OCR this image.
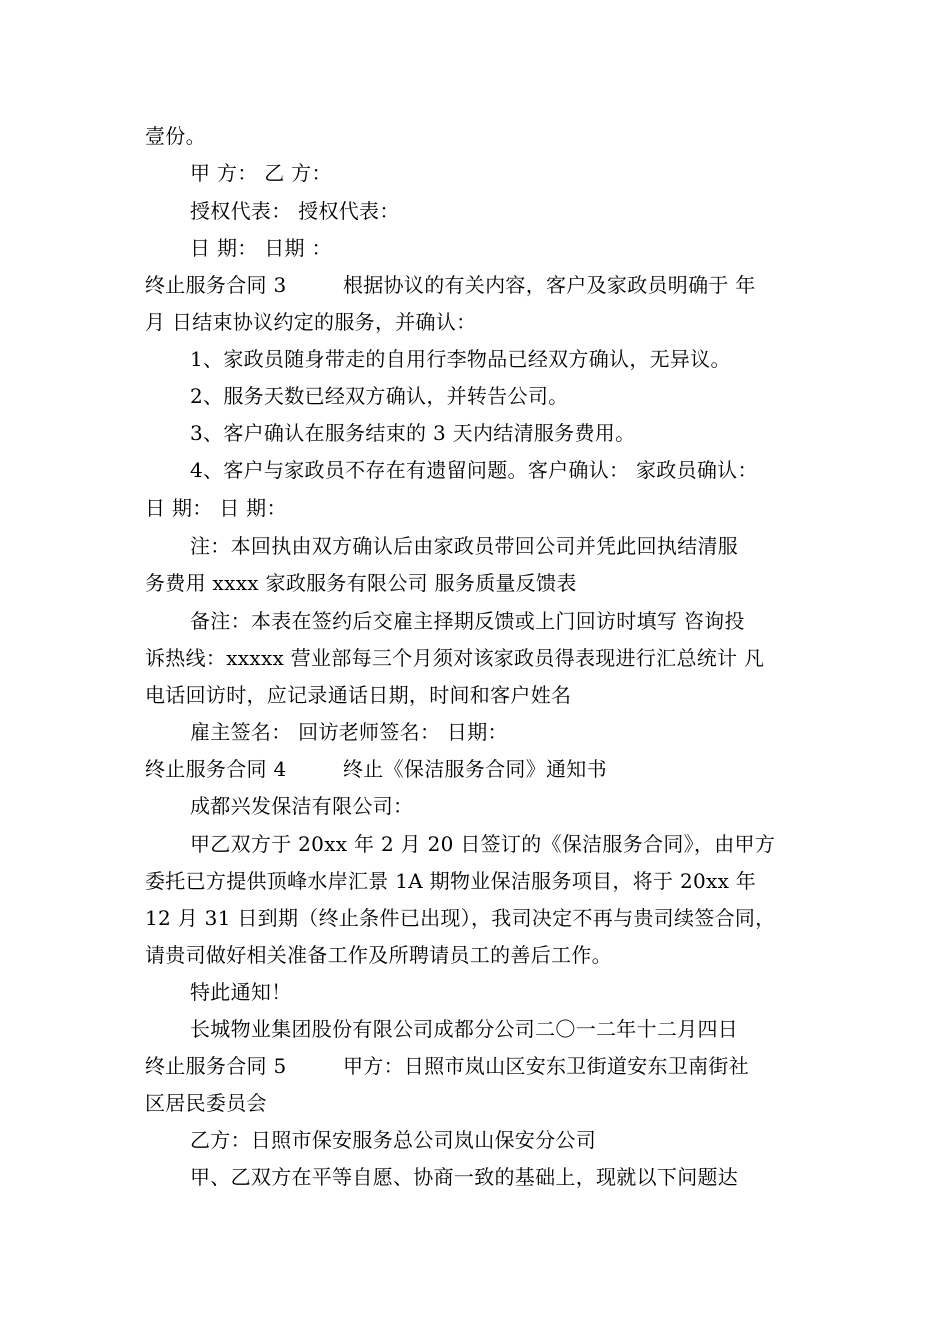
壹份。
甲 方： 乙 方：
授权代表： 授权代表：
日 期： 日期 ：
终止服务合同 3	根据协议的有关内容，客户及家政员明确于 年
月 日结束协议约定的服务，并确认：
1、家政员随身带走的自用行李物品已经双方确认，无异议。
2、服务天数已经双方确认，并转告公司。
3、客户确认在服务结束的 3 天内结清服务费用。
4、客户与家政员不存在有遗留问题。客户确认： 家政员确认：
日 期： 日 期：
注：本回执由双方确认后由家政员带回公司并凭此回执结清服
务费用 xxxx 家政服务有限公司 服务质量反馈表
备注：本表在签约后交雇主择期反馈或上门回访时填写 咨询投
诉热线：xxxxx 营业部每三个月须对该家政员得表现进行汇总统计 凡
电话回访时，应记录通话日期，时间和客户姓名
雇主签名： 回访老师签名： 日期：
终止服务合同 4	终止《保洁服务合同》通知书
成都兴发保洁有限公司：
甲乙双方于 20xx 年 2 月 20 日签订的《保洁服务合同》，由甲方
委托已方提供顶峰水岸汇景 1A 期物业保洁服务项目，将于 20xx 年
12 月 31 日到期（终止条件已出现），我司决定不再与贵司续签合同，
请贵司做好相关准备工作及所聘请员工的善后工作。
特此通知！
长城物业集团股份有限公司成都分公司二〇一二年十二月四日
终止服务合同 5	甲方：日照市岚山区安东卫街道安东卫南街社
区居民委员会
乙方：日照市保安服务总公司岚山保安分公司
甲、乙双方在平等自愿、协商一致的基础上，现就以下问题达
